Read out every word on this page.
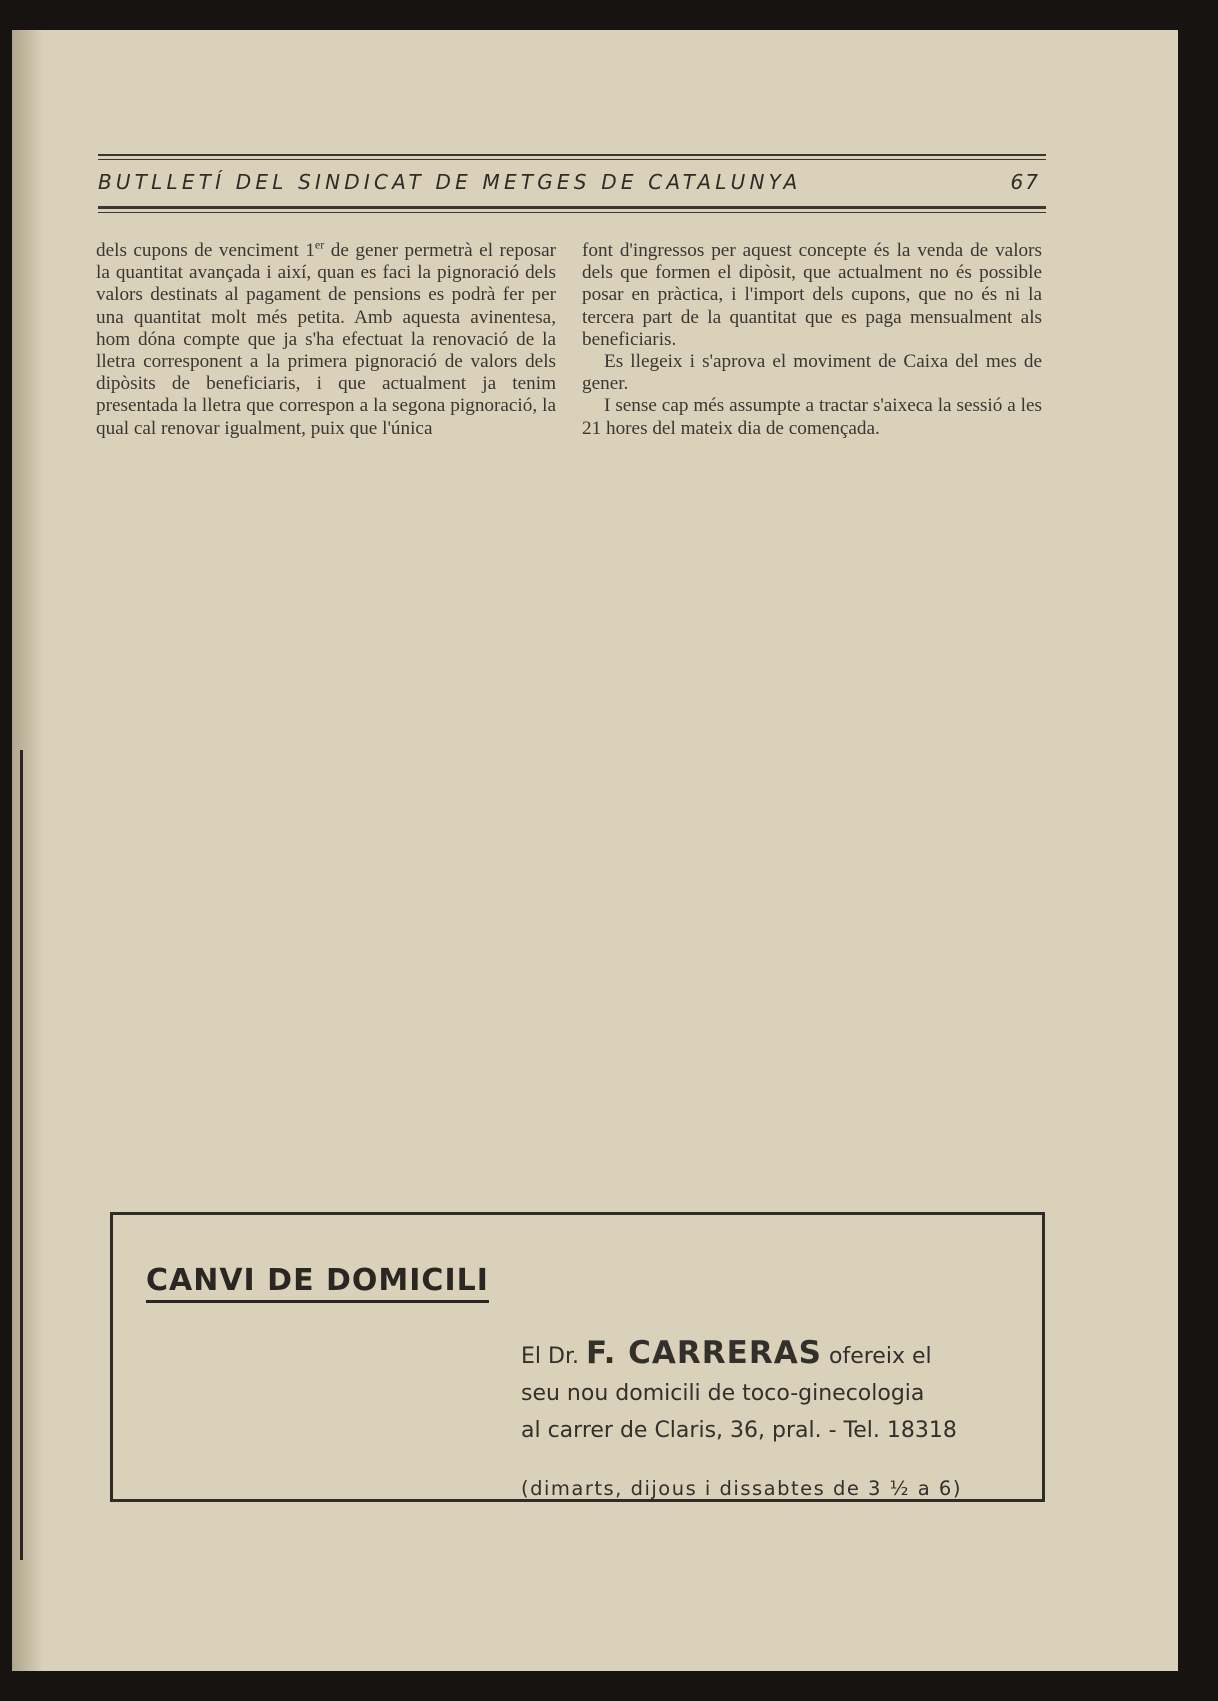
BUTLLETÍ DEL SINDICAT DE METGES DE CATALUNYA	67

dels cupons de venciment 1er de gener permetrà el reposar la quantitat avançada i així, quan es faci la pignoració dels valors destinats al pagament de pensions es podrà fer per una quantitat molt més petita. Amb aquesta avinentesa, hom dóna compte que ja s'ha efectuat la renovació de la lletra corresponent a la primera pignoració de valors dels dipòsits de beneficiaris, i que actualment ja tenim presentada la lletra que correspon a la segona pignoració, la qual cal renovar igualment, puix que l'única

font d'ingressos per aquest concepte és la venda de valors dels que formen el dipòsit, que actualment no és possible posar en pràctica, i l'import dels cupons, que no és ni la tercera part de la quantitat que es paga mensualment als beneficiaris.

Es llegeix i s'aprova el moviment de Caixa del mes de gener.

I sense cap més assumpte a tractar s'aixeca la sessió a les 21 hores del mateix dia de començada.

CANVI DE DOMICILI
El Dr. F. CARRERAS ofereix el
seu nou domicili de toco-ginecologia
al carrer de Claris, 36, pral. - Tel. 18318
(dimarts, dijous i dissabtes de 3 ½ a 6)
